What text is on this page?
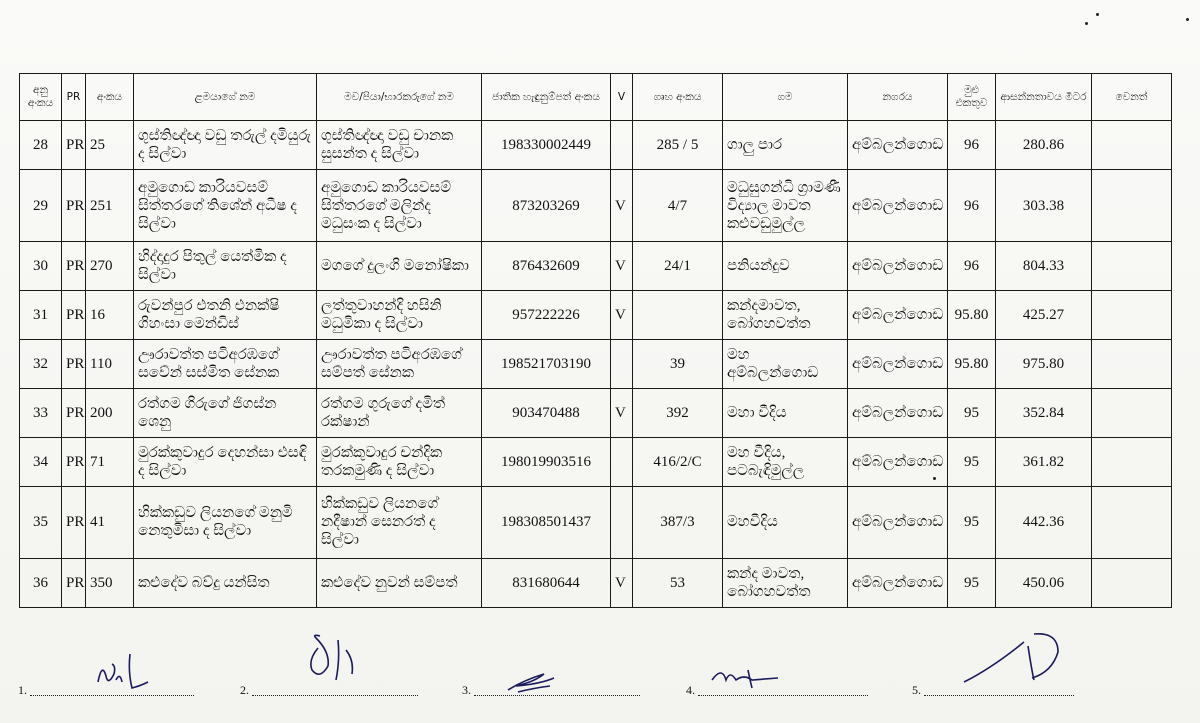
අනු අංකය	PR	අංකය	ළමයාගේ නම	මව/පියා/භාරකරුගේ නම	ජාතික හැඳුනුම්පත් අංකය	V	ගෘහ අංකය	ගම	නගරය	මුළු එකතුව	ආසන්නතාවය මීටර	වෙනත්
28	PR	25	ගුස්තිඥ්ඥා වඩු තරුල් දමියුරු ද සිල්වා	ගුස්තිඥ්ඥා වඩු චානක සුසන්ත ද සිල්වා	198330002449		285 / 5	ගාලු පාර	අම්බලන්ගොඩ	96	280.86	
29	PR	251	අමුගොඩ කාරියවසම් සිත්තරගේ තිශේන් අධීෂ ද සිල්වා	අමුගොඩ කාරියවසම් සිත්තරගේ මලින්ද මධුසංක ද සිල්වා	873203269	V	4/7	මධුසුගන්ධි ග්‍රාමණී විද්‍යාල මාවත කළුවඩුමුල්ල	අම්බලන්ගොඩ	96	303.38	
30	PR	270	හිද්දාදුර පිතුල් යෙත්මික ද සිල්වා	මගගේ දුලංගි මනෝෂිකා	876432609	V	24/1	පනියන්දුව	අම්බලන්ගොඩ	96	804.33	
31	PR	16	රුවන්පුර එතනි එනක්ෂි ගිහංසා මෙන්ඩිස්	ලත්තුවාහන්දි හසිනි මධුමිකා ද සිල්වා	957222226	V		කන්දමාවත, බෝගහවත්ත	අම්බලන්ගොඩ	95.80	425.27	
32	PR	110	ඌරාවත්ත පටිඅරඹගේ සවේන් සස්මිත සේනක	ඌරාවත්ත පටිඅරඹගේ සම්පත් සේනක	198521703190		39	මහ අම්බලන්ගොඩ	අම්බලන්ගොඩ	95.80	975.80	
33	PR	200	රත්ගම ගිරුගේ ජිගස්න ශෙනු	රත්ගම ගුරුගේ දමිත් රක්ෂාන්	903470488	V	392	මහා වීදිය	අම්බලන්ගොඩ	95	352.84	
34	PR	71	මුරක්කුවාදුර දෙහන්සා එසඳි ද සිල්වා	මුරක්කුවාදුර චන්දික තරකමුණි ද සිල්වා	198019903516		416/2/C	මහ වීදිය, පටබැඳිමුල්ල	අම්බලන්ගොඩ	95	361.82	
35	PR	41	හික්කඩුව ලියනගේ මනුමි නෙතුමිසා ද සිල්වා	හික්කඩුව ලියනගේ නදීෂාන් සෙනරත් ද සිල්වා	198308501437		387/3	මහවීදිය	අම්බලන්ගොඩ	95	442.36	
36	PR	350	කළුදේව බව්දු යන්සිත	කළුදේව නුවන් සම්පත්	831680644	V	53	කන්ද මාවත, බෝගහවත්ත	අම්බලන්ගොඩ	95	450.06	
1.	2.	3.	4.	5.
